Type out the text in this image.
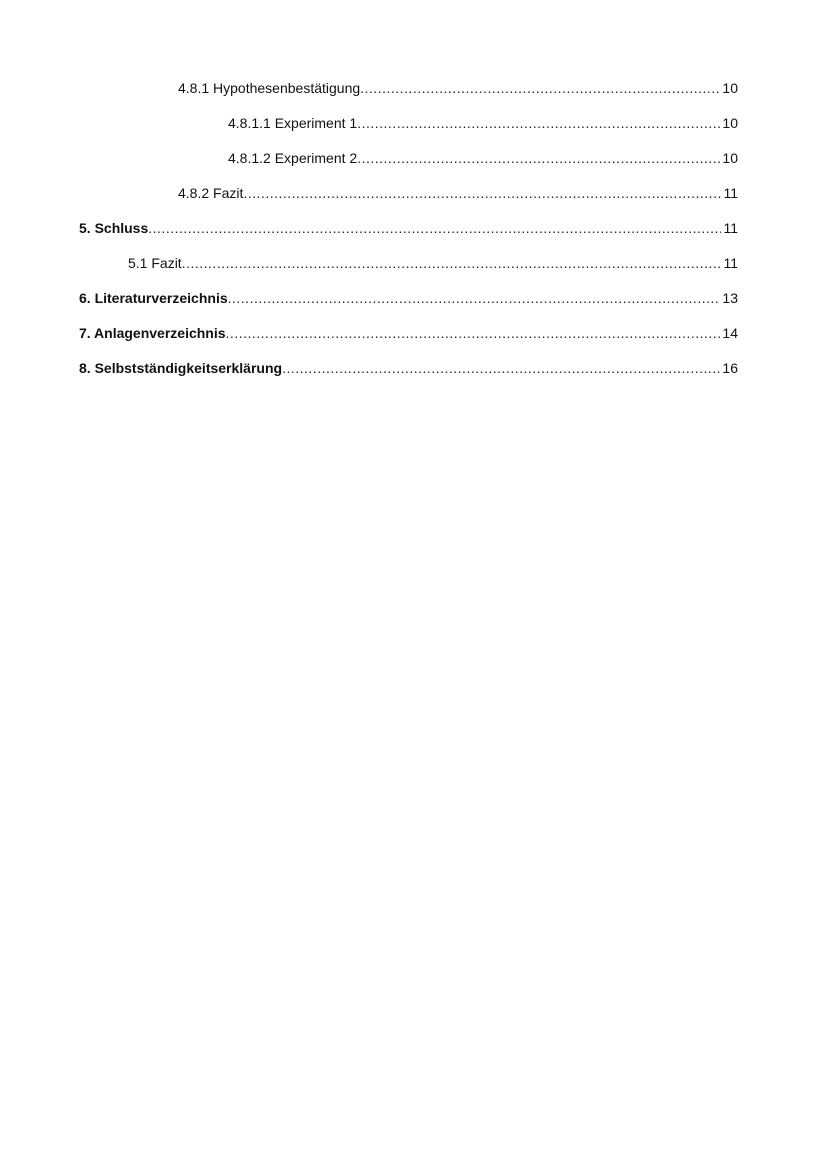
4.8.1 Hypothesenbestätigung .....	10
4.8.1.1 Experiment 1 .....	10
4.8.1.2 Experiment 2 .....	10
4.8.2 Fazit .....	11
5. Schluss .....	11
5.1 Fazit .....	11
6. Literaturverzeichnis .....	13
7. Anlagenverzeichnis .....	14
8. Selbstständigkeitserklärung .....	16
